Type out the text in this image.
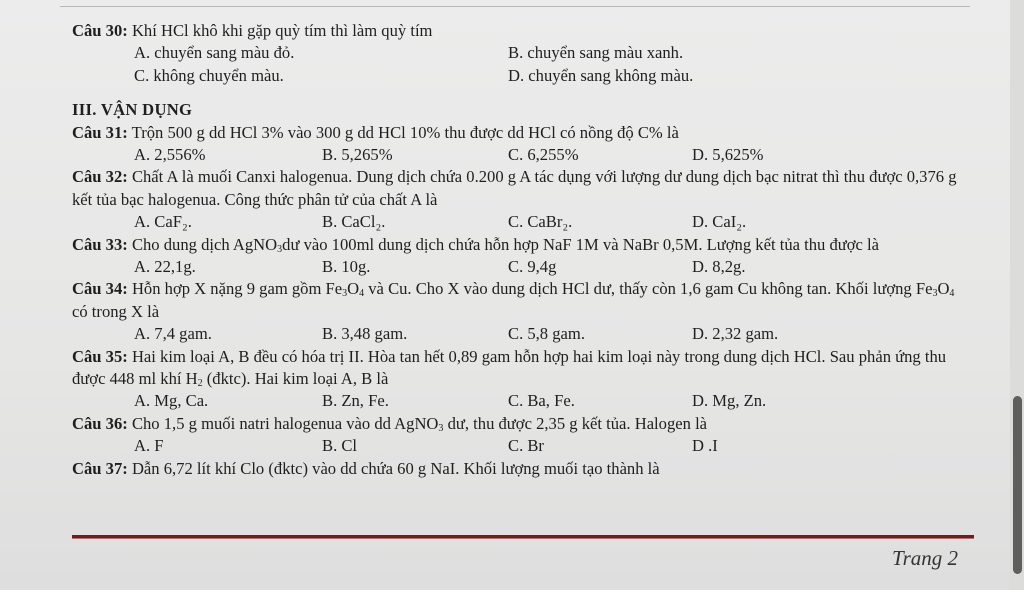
Câu 30: Khí HCl khô khi gặp quỳ tím thì làm quỳ tím

A. chuyển sang màu đỏ.	B. chuyển sang màu xanh.
C. không chuyển màu.	D. chuyển sang không màu.

III. VẬN DỤNG

Câu 31: Trộn 500 g dd HCl 3% vào 300 g dd HCl 10% thu được dd HCl có nồng độ C% là

A. 2,556%	B. 5,265%	C. 6,255%	D. 5,625%

Câu 32: Chất A là muối Canxi halogenua. Dung dịch chứa 0.200 g A tác dụng với lượng dư dung dịch bạc nitrat thì thu được 0,376 g kết tủa bạc halogenua. Công thức phân tử của chất A là

A. CaF₂.	B. CaCl₂.	C. CaBr₂.	D. CaI₂.

Câu 33: Cho dung dịch AgNO$_3$dư vào 100ml dung dịch chứa hỗn hợp NaF 1M và NaBr 0,5M. Lượng kết tủa thu được là

A. 22,1g.	B. 10g.	C. 9,4g	D. 8,2g.

Câu 34: Hỗn hợp X nặng 9 gam gồm $Fe_3O_4$ và Cu. Cho X vào dung dịch HCl dư, thấy còn 1,6 gam Cu không tan. Khối lượng $Fe_3O_4$ có trong X là

A. 7,4 gam.	B. 3,48 gam.	C. 5,8 gam.	D. 2,32 gam.

Câu 35: Hai kim loại A, B đều có hóa trị II. Hòa tan hết 0,89 gam hỗn hợp hai kim loại này trong dung dịch HCl. Sau phản ứng thu được 448 ml khí $H_2$ (đktc). Hai kim loại A, B là

A. Mg, Ca.	B. Zn, Fe.	C. Ba, Fe.	D. Mg, Zn.

Câu 36: Cho 1,5 g muối natri halogenua vào dd AgNO$_3$ dư, thu được 2,35 g kết tủa. Halogen là

A. F	B. Cl	C. Br	D .I

Câu 37: Dẫn 6,72 lít khí Clo (đktc) vào dd chứa 60 g NaI. Khối lượng muối tạo thành là

Trang 2
